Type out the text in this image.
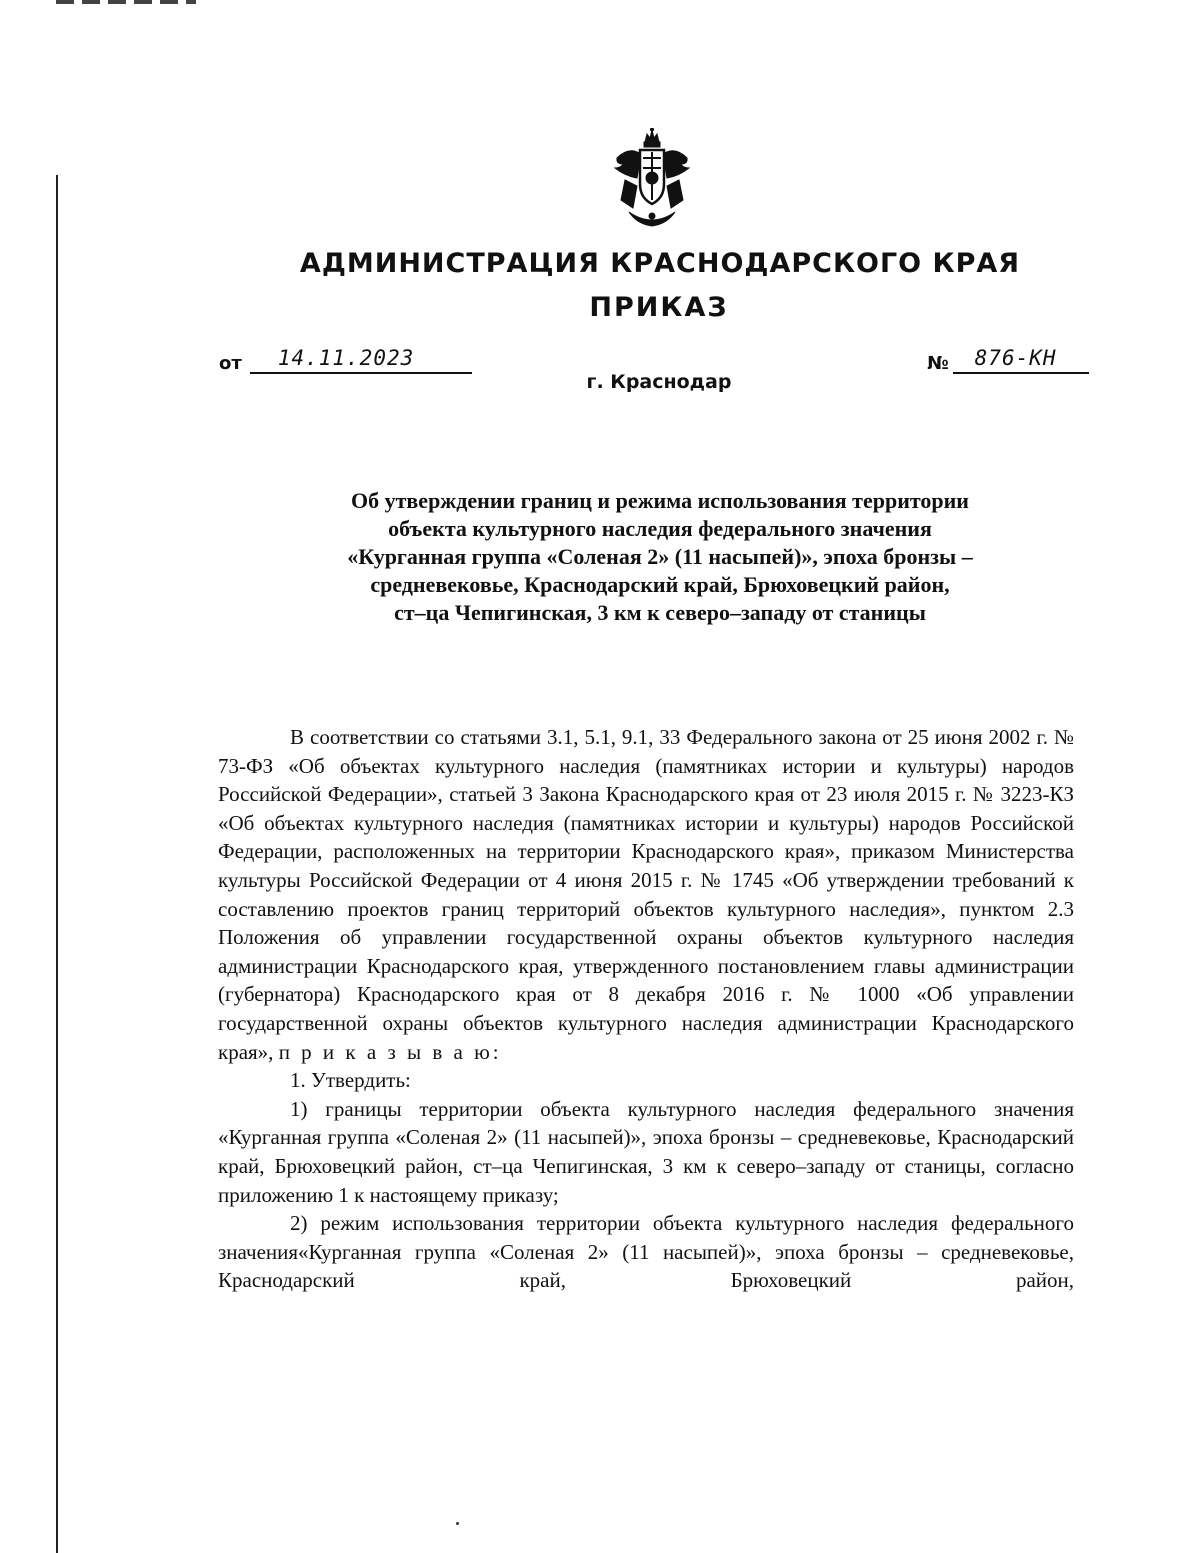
АДМИНИСТРАЦИЯ КРАСНОДАРСКОГО КРАЯ
ПРИКАЗ
от 14.11.2023
г. Краснодар
№ 876-КН
Об утверждении границ и режима использования территории
объекта культурного наследия федерального значения
«Курганная группа «Соленая 2» (11 насыпей)», эпоха бронзы –
средневековье, Краснодарский край, Брюховецкий район,
ст–ца Чепигинская, 3 км к северо–западу от станицы

В соответствии со статьями 3.1, 5.1, 9.1, 33 Федерального закона от 25 июня 2002 г. № 73-ФЗ «Об объектах культурного наследия (памятниках истории и культуры) народов Российской Федерации», статьей 3 Закона Краснодарского края от 23 июля 2015 г. № 3223-КЗ «Об объектах культурного наследия (памятниках истории и культуры) народов Российской Федерации, расположенных на территории Краснодарского края», приказом Министерства культуры Российской Федерации от 4 июня 2015 г. № 1745 «Об утверждении требований к составлению проектов границ территорий объектов культурного наследия», пунктом 2.3 Положения об управлении государственной охраны объектов культурного наследия администрации Краснодарского края, утвержденного постановлением главы администрации (губернатора) Краснодарского края от 8 декабря 2016 г. № 1000 «Об управлении государственной охраны объектов культурного наследия администрации Краснодарского края», п р и к а з ы в а ю:

1. Утвердить:

1) границы территории объекта культурного наследия федерального значения «Курганная группа «Соленая 2» (11 насыпей)», эпоха бронзы – средневековье, Краснодарский край, Брюховецкий район, ст–ца Чепигинская, 3 км к северо–западу от станицы, согласно приложению 1 к настоящему приказу;

2) режим использования территории объекта культурного наследия федерального значения«Курганная группа «Соленая 2» (11 насыпей)», эпоха бронзы – средневековье, Краснодарский край, Брюховецкий район,
